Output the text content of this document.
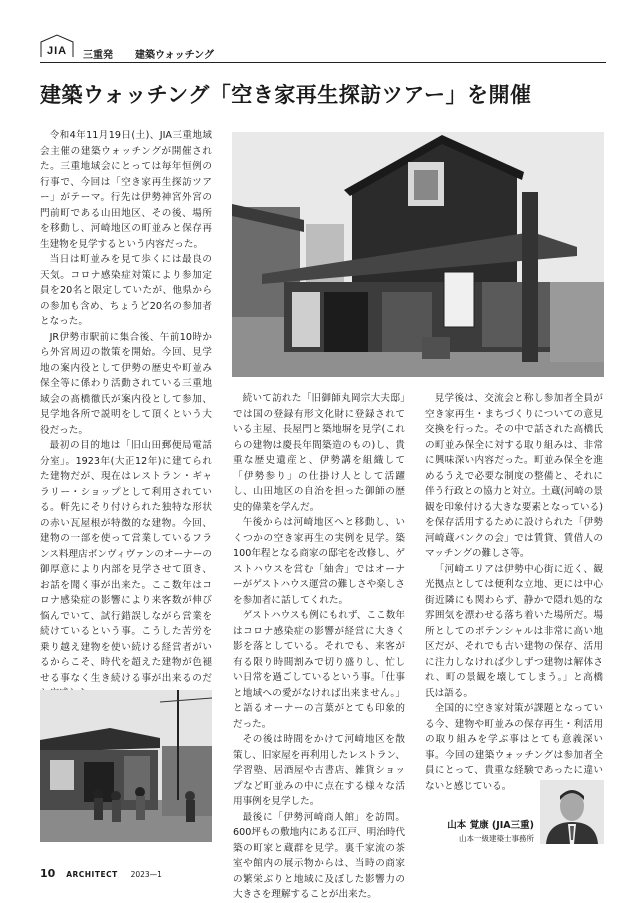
JIA 三重発 建築ウォッチング
建築ウォッチング「空き家再生探訪ツアー」を開催

令和4年11月19日(土)、JIA三重地域会主催の建築ウォッチングが開催された。三重地域会にとっては毎年恒例の行事で、今回は「空き家再生探訪ツアー」がテーマ。行先は伊勢神宮外宮の門前町である山田地区、その後、場所を移動し、河崎地区の町並みと保存再生建物を見学するという内容だった。

当日は町並みを見て歩くには最良の天気。コロナ感染症対策により参加定員を20名と限定していたが、他県からの参加も含め、ちょうど20名の参加者となった。

JR伊勢市駅前に集合後、午前10時から外宮周辺の散策を開始。今回、見学地の案内役として伊勢の歴史や町並み保全等に係わり活動されている三重地域会の髙橋徹氏が案内役として参加、見学地各所で説明をして頂くという大役だった。

最初の目的地は「旧山田郵便局電話分室」。1923年(大正12年)に建てられた建物だが、現在はレストラン・ギャラリー・ショップとして利用されている。軒先にそり付けられた独特な形状の赤い瓦屋根が特徴的な建物。今回、建物の一部を使って営業しているフランス料理店ボンヴィヴァンのオーナーの御厚意により内部を見学させて頂き、お話を聞く事が出来た。ここ数年はコロナ感染症の影響により来客数が伸び悩んでいて、試行錯誤しながら営業を続けているという事。こうした苦労を乗り越え建物を使い続ける経営者がいるからこそ、時代を超えた建物が色褪せる事なく生き続ける事が出来るのだ

続いて訪れた「旧御師丸岡宗大夫邸」では国の登録有形文化財に登録されている主屋、長屋門と築地塀を見学(これらの建物は慶長年間築造のもの)し、貴重な歴史遺産と、伊勢講を組織して「伊勢参り」の仕掛け人として活躍し、山田地区の自治を担った御師の歴史的偉業を学んだ。

午後からは河崎地区へと移動し、いくつかの空き家再生の実例を見学。築100年程となる商家の邸宅を改修し、ゲストハウスを営む「紬舎」ではオーナーがゲストハウス運営の難しさや楽しさを参加者に話してくれた。

ゲストハウスも例にもれず、ここ数年はコロナ感染症の影響が経営に大きく影を落としている。それでも、来客が有る限り時間割みで切り盛りし、忙しい日常を過ごしているという事。「仕事と地域への愛がなければ出来ません。」と語るオーナーの言葉がとても印象的だった。

その後は時間をかけて河崎地区を散策し、旧家屋を再利用したレストラン、学習塾、居酒屋や古書店、雑貨ショップなど町並みの中に点在する様々な活用事例を見学した。

最後に「伊勢河崎商人館」を訪問。600坪もの敷地内にある江戸、明治時代築の町家と蔵群を見学。裏千家流の茶室や館内の展示物からは、当時の商家の繁栄ぶりと地域に及ぼした影響力の大きさを理解することが出来た。

見学後は、交流会と称し参加者全員が空き家再生・まちづくりについての意見交換を行った。その中で話された高橋氏の町並み保全に対する取り組みは、非常に興味深い内容だった。町並み保全を進めるうえで必要な制度の整備と、それに伴う行政との協力と対立。土蔵(河崎の景観を印象付ける大きな要素となっている)を保存活用するために設けられた「伊勢河崎蔵バンクの会」では賃貸、賃借人のマッチングの難しさ等。

「河崎エリアは伊勢中心街に近く、観光拠点としては便利な立地、更には中心街近隣にも関わらず、静かで隠れ処的な雰囲気を漂わせる落ち着いた場所だ。場所としてのポテンシャルは非常に高い地区だが、それでも古い建物の保存、活用に注力しなければ少しずつ建物は解体され、町の景観を壊してしまう。」と高橋氏は語る。

全国的に空き家対策が課題となっている今、建物や町並みの保存再生・利活用の取り組みを学ぶ事はとても意義深い事。今回の建築ウォッチングは参加者全員にとって、貴重な経験であったに違いないと感じている。

山本 覚康 (JIA三重)
山本一級建築士事務所
10 ARCHITECT 2023—1
